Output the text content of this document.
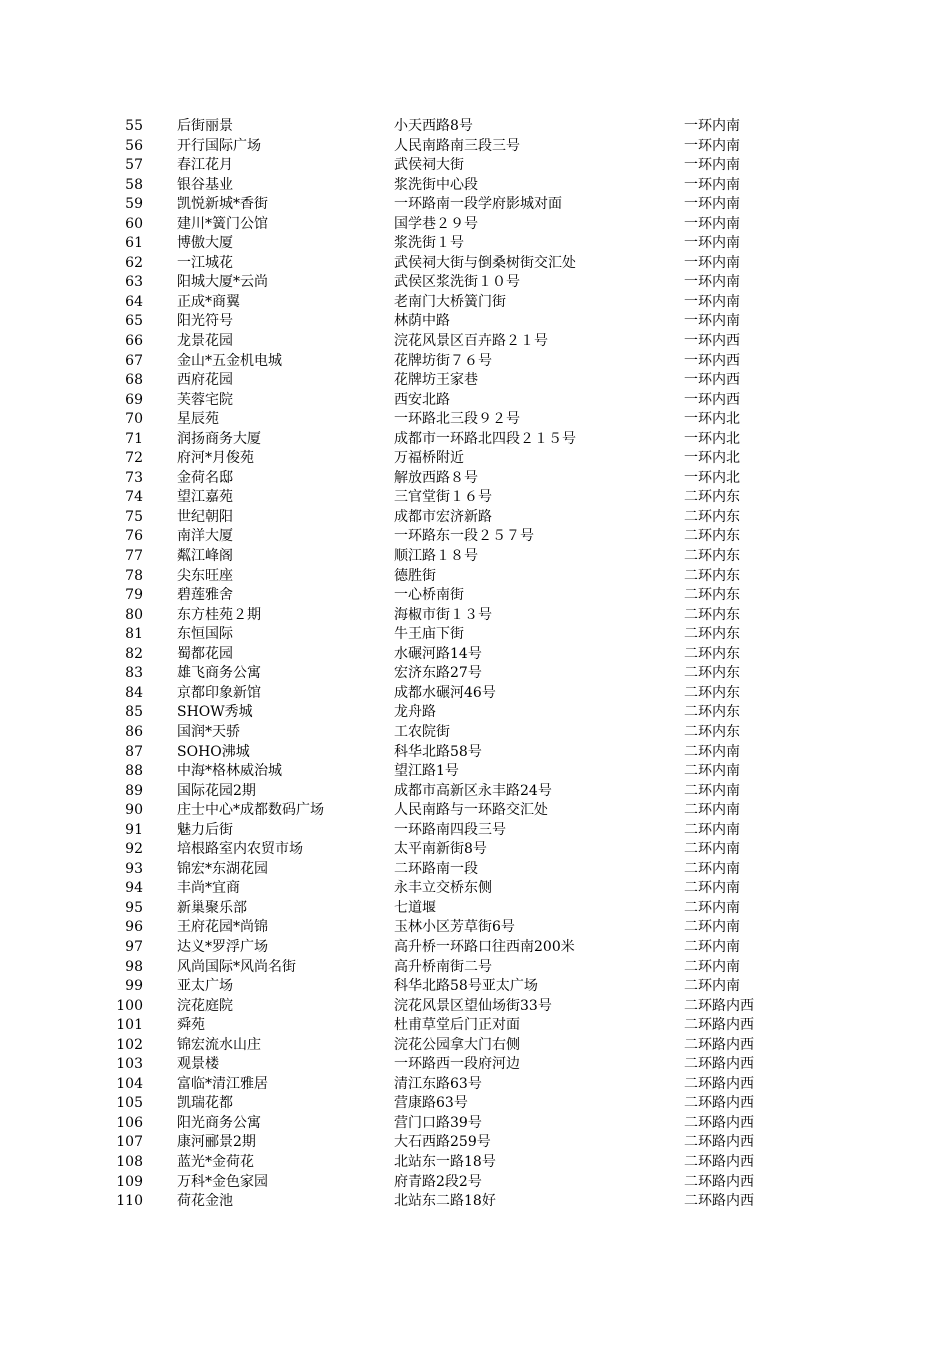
55 后街丽景	小天西路8号	一环内南
56 开行国际广场	人民南路南三段三号	一环内南
57 春江花月	武侯祠大街	一环内南
58 银谷基业	浆洗街中心段	一环内南
59 凯悦新城*香街	一环路南一段学府影城对面	一环内南
60 建川*簧门公馆	国学巷２９号	一环内南
61 博傲大厦	浆洗街１号	一环内南
62 一江城花	武侯祠大街与倒桑树街交汇处	一环内南
63 阳城大厦*云尚	武侯区浆洗街１０号	一环内南
64 正成*商翼	老南门大桥簧门街	一环内南
65 阳光符号	林荫中路	一环内南
66 龙景花园	浣花风景区百卉路２１号	一环内西
67 金山*五金机电城	花牌坊街７６号	一环内西
68 西府花园	花牌坊王家巷	一环内西
69 芙蓉宅院	西安北路	一环内西
70 星辰苑	一环路北三段９２号	一环内北
71 润扬商务大厦	成都市一环路北四段２１５号	一环内北
72 府河*月俊苑	万福桥附近	一环内北
73 金荷名邸	解放西路８号	一环内北
74 望江嘉苑	三官堂街１６号	二环内东
75 世纪朝阳	成都市宏济新路	二环内东
76 南洋大厦	一环路东一段２５７号	二环内东
77 粼江峰阁	顺江路１８号	二环内东
78 尖东旺座	德胜街	二环内东
79 碧莲雅舍	一心桥南街	二环内东
80 东方桂苑２期	海椒市街１３号	二环内东
81 东恒国际	牛王庙下街	二环内东
82 蜀都花园	水碾河路14号	二环内东
83 雄飞商务公寓	宏济东路27号	二环内东
84 京都印象新馆	成都水碾河46号	二环内东
85 SHOW秀城	龙舟路	二环内东
86 国润*天骄	工农院街	二环内东
87 SOHO沸城	科华北路58号	二环内南
88 中海*格林威治城	望江路1号	二环内南
89 国际花园2期	成都市高新区永丰路24号	二环内南
90 庄士中心*成都数码广场	人民南路与一环路交汇处	二环内南
91 魅力后街	一环路南四段三号	二环内南
92 培根路室内农贸市场	太平南新街8号	二环内南
93 锦宏*东湖花园	二环路南一段	二环内南
94 丰尚*宜商	永丰立交桥东侧	二环内南
95 新巢聚乐部	七道堰	二环内南
96 王府花园*尚锦	玉林小区芳草街6号	二环内南
97 达义*罗浮广场	高升桥一环路口往西南200米	二环内南
98 风尚国际*风尚名街	高升桥南街二号	二环内南
99 亚太广场	科华北路58号亚太广场	二环内南
100 浣花庭院	浣花风景区望仙场街33号	二环路内西
101 舜苑	杜甫草堂后门正对面	二环路内西
102 锦宏流水山庄	浣花公园拿大门右侧	二环路内西
103 观景楼	一环路西一段府河边	二环路内西
104 富临*清江雅居	清江东路63号	二环路内西
105 凯瑞花都	营康路63号	二环路内西
106 阳光商务公寓	营门口路39号	二环路内西
107 康河郦景2期	大石西路259号	二环路内西
108 蓝光*金荷花	北站东一路18号	二环路内西
109 万科*金色家园	府青路2段2号	二环路内西
110 荷花金池	北站东二路18好	二环路内西
